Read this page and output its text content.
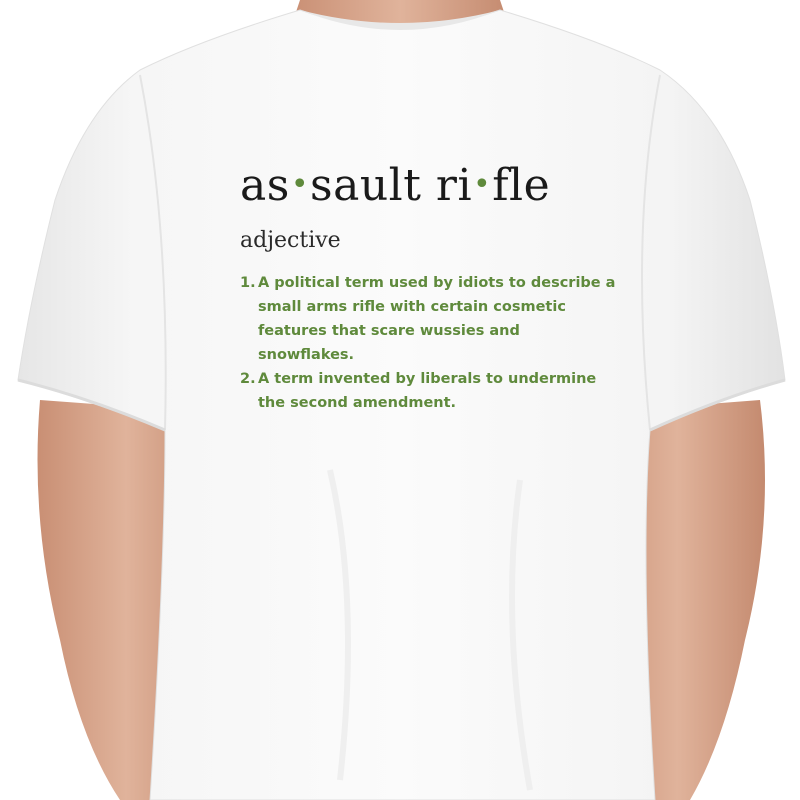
as•sault ri•fle
adjective
1. A political term used by idiots to describe a small arms rifle with certain cosmetic features that scare wussies and snowflakes.
2. A term invented by liberals to undermine the second amendment.
